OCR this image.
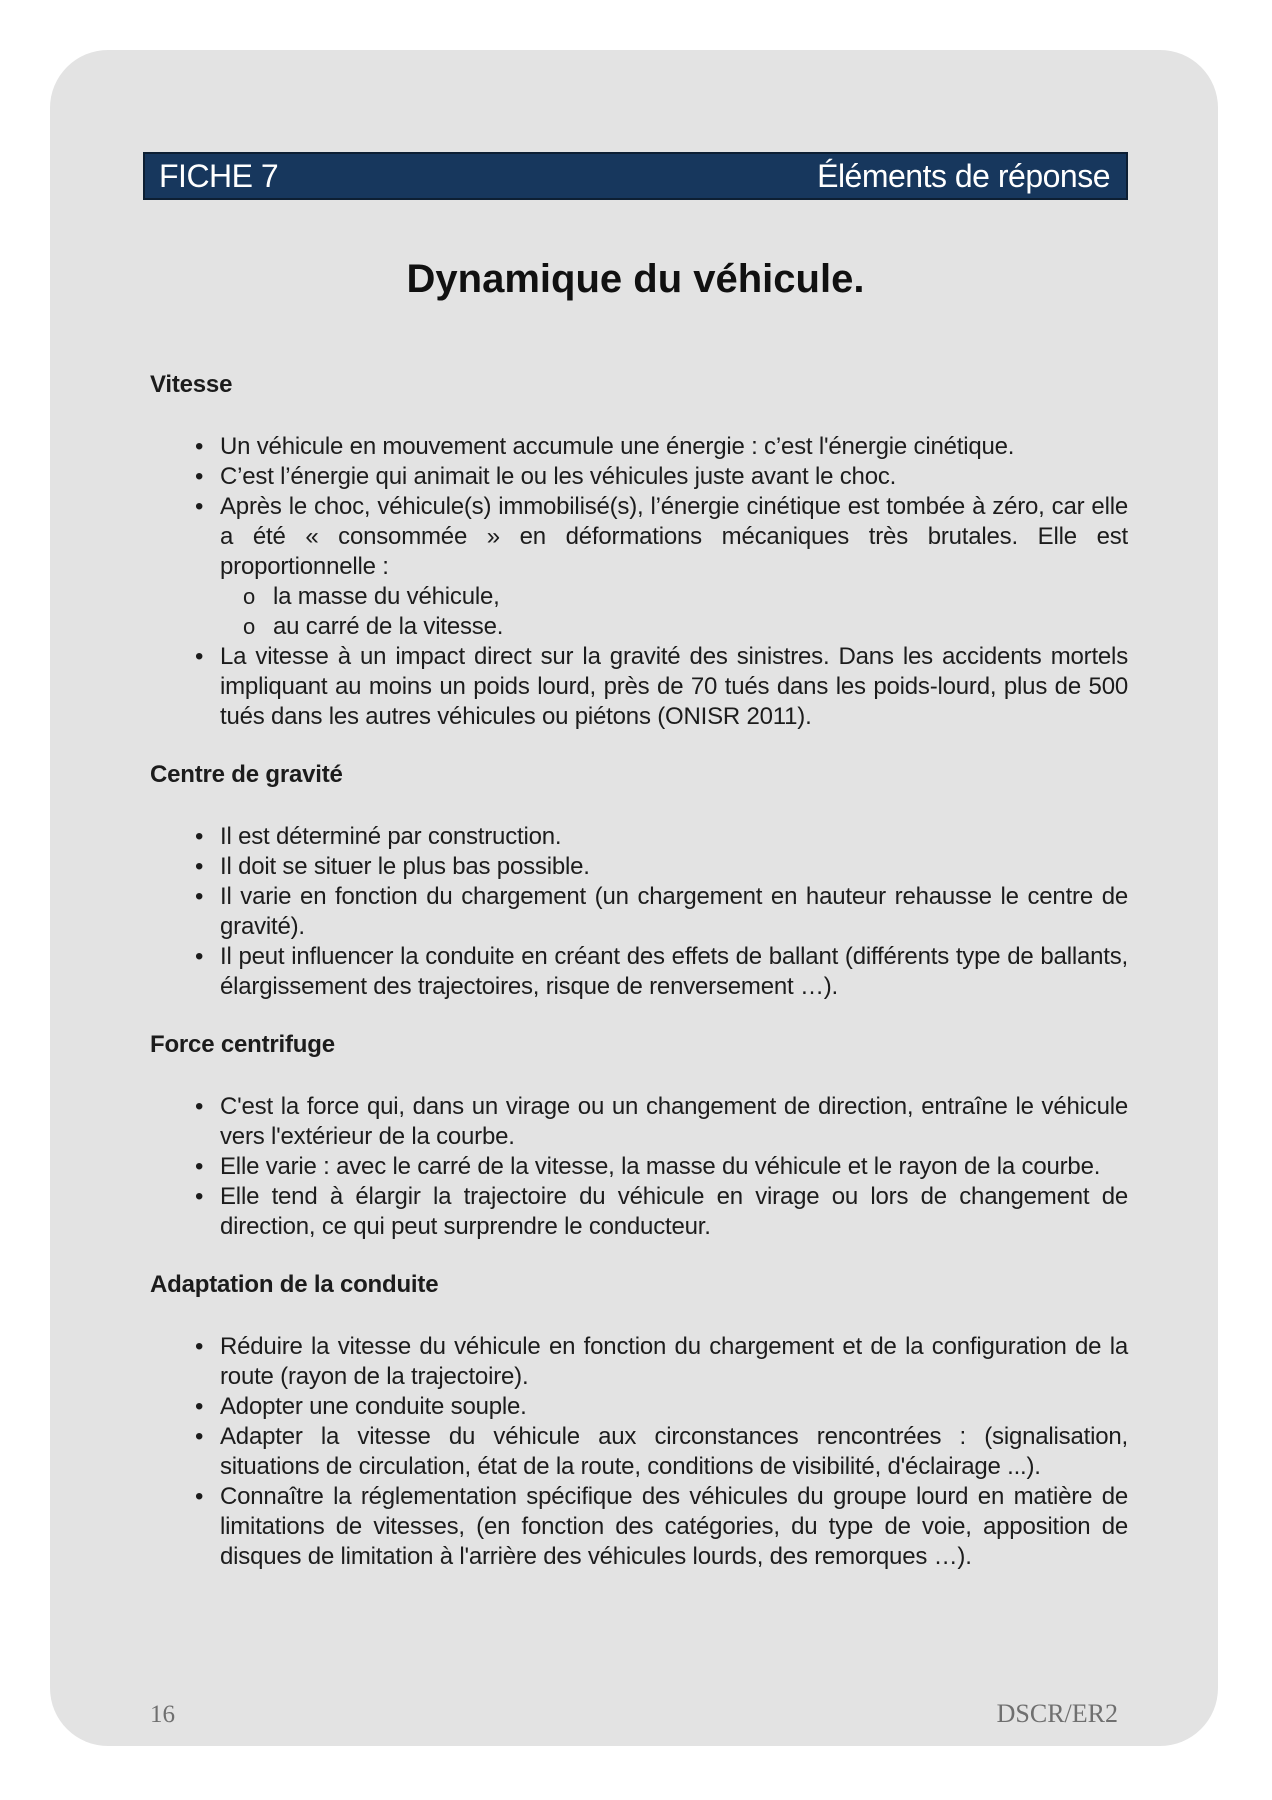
FICHE 7	Éléments de réponse
Dynamique du véhicule.
Vitesse

• Un véhicule en mouvement accumule une énergie : c’est l'énergie cinétique.

• C’est l’énergie qui animait le ou les véhicules juste avant le choc.

• Après le choc, véhicule(s) immobilisé(s), l’énergie cinétique est tombée à zéro, car elle a été « consommée » en déformations mécaniques très brutales. Elle est proportionnelle :

o la masse du véhicule,

o au carré de la vitesse.

• La vitesse à un impact direct sur la gravité des sinistres. Dans les accidents mortels impliquant au moins un poids lourd, près de 70 tués dans les poids-lourd, plus de 500 tués dans les autres véhicules ou piétons (ONISR 2011).

Centre de gravité

• Il est déterminé par construction.

• Il doit se situer le plus bas possible.

• Il varie en fonction du chargement (un chargement en hauteur rehausse le centre de gravité).

• Il peut influencer la conduite en créant des effets de ballant (différents type de ballants, élargissement des trajectoires, risque de renversement …).

Force centrifuge

• C'est la force qui, dans un virage ou un changement de direction, entraîne le véhicule vers l'extérieur de la courbe.

• Elle varie : avec le carré de la vitesse, la masse du véhicule et le rayon de la courbe.

• Elle tend à élargir la trajectoire du véhicule en virage ou lors de changement de direction, ce qui peut surprendre le conducteur.

Adaptation de la conduite

• Réduire la vitesse du véhicule en fonction du chargement et de la configuration de la route (rayon de la trajectoire).

• Adopter une conduite souple.

• Adapter la vitesse du véhicule aux circonstances rencontrées : (signalisation, situations de circulation, état de la route, conditions de visibilité, d'éclairage ...).

• Connaître la réglementation spécifique des véhicules du groupe lourd en matière de limitations de vitesses, (en fonction des catégories, du type de voie, apposition de disques de limitation à l'arrière des véhicules lourds, des remorques …).

16	DSCR/ER2
